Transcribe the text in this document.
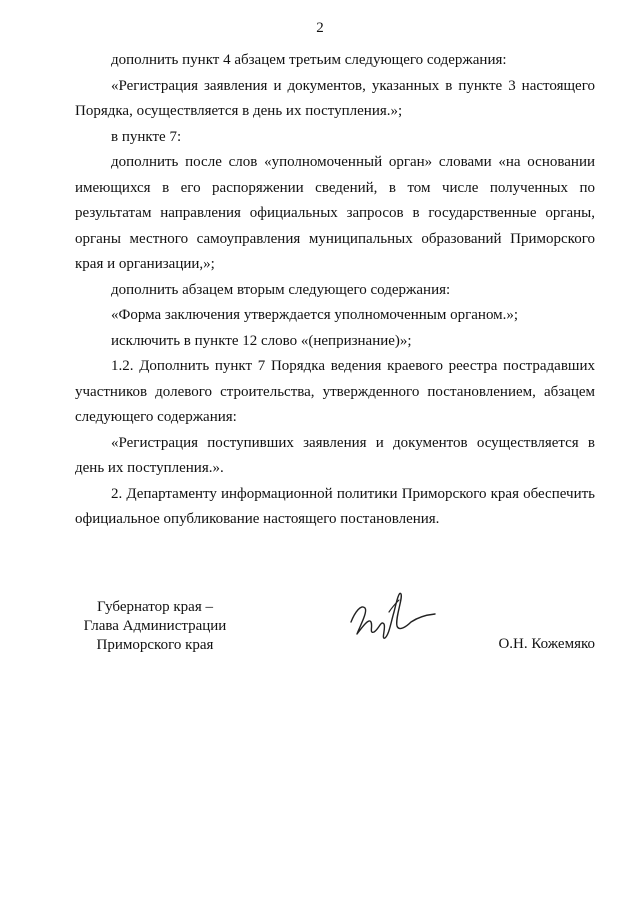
2

дополнить пункт 4 абзацем третьим следующего содержания:

«Регистрация заявления и документов, указанных в пункте 3 настоящего Порядка, осуществляется в день их поступления.»;

в пункте 7:

дополнить после слов «уполномоченный орган» словами «на основании имеющихся в его распоряжении сведений, в том числе полученных по результатам направления официальных запросов в государственные органы, органы местного самоуправления муниципальных образований Приморского края и организации,»;

дополнить абзацем вторым следующего содержания:

«Форма заключения утверждается уполномоченным органом.»;

исключить в пункте 12 слово «(непризнание)»;

1.2. Дополнить пункт 7 Порядка ведения краевого реестра пострадавших участников долевого строительства, утвержденного постановлением, абзацем следующего содержания:

«Регистрация поступивших заявления и документов осуществляется в день их поступления.».

2. Департаменту информационной политики Приморского края обеспечить официальное опубликование настоящего постановления.

Губернатор края –
Глава Администрации
Приморского края	О.Н. Кожемяко
